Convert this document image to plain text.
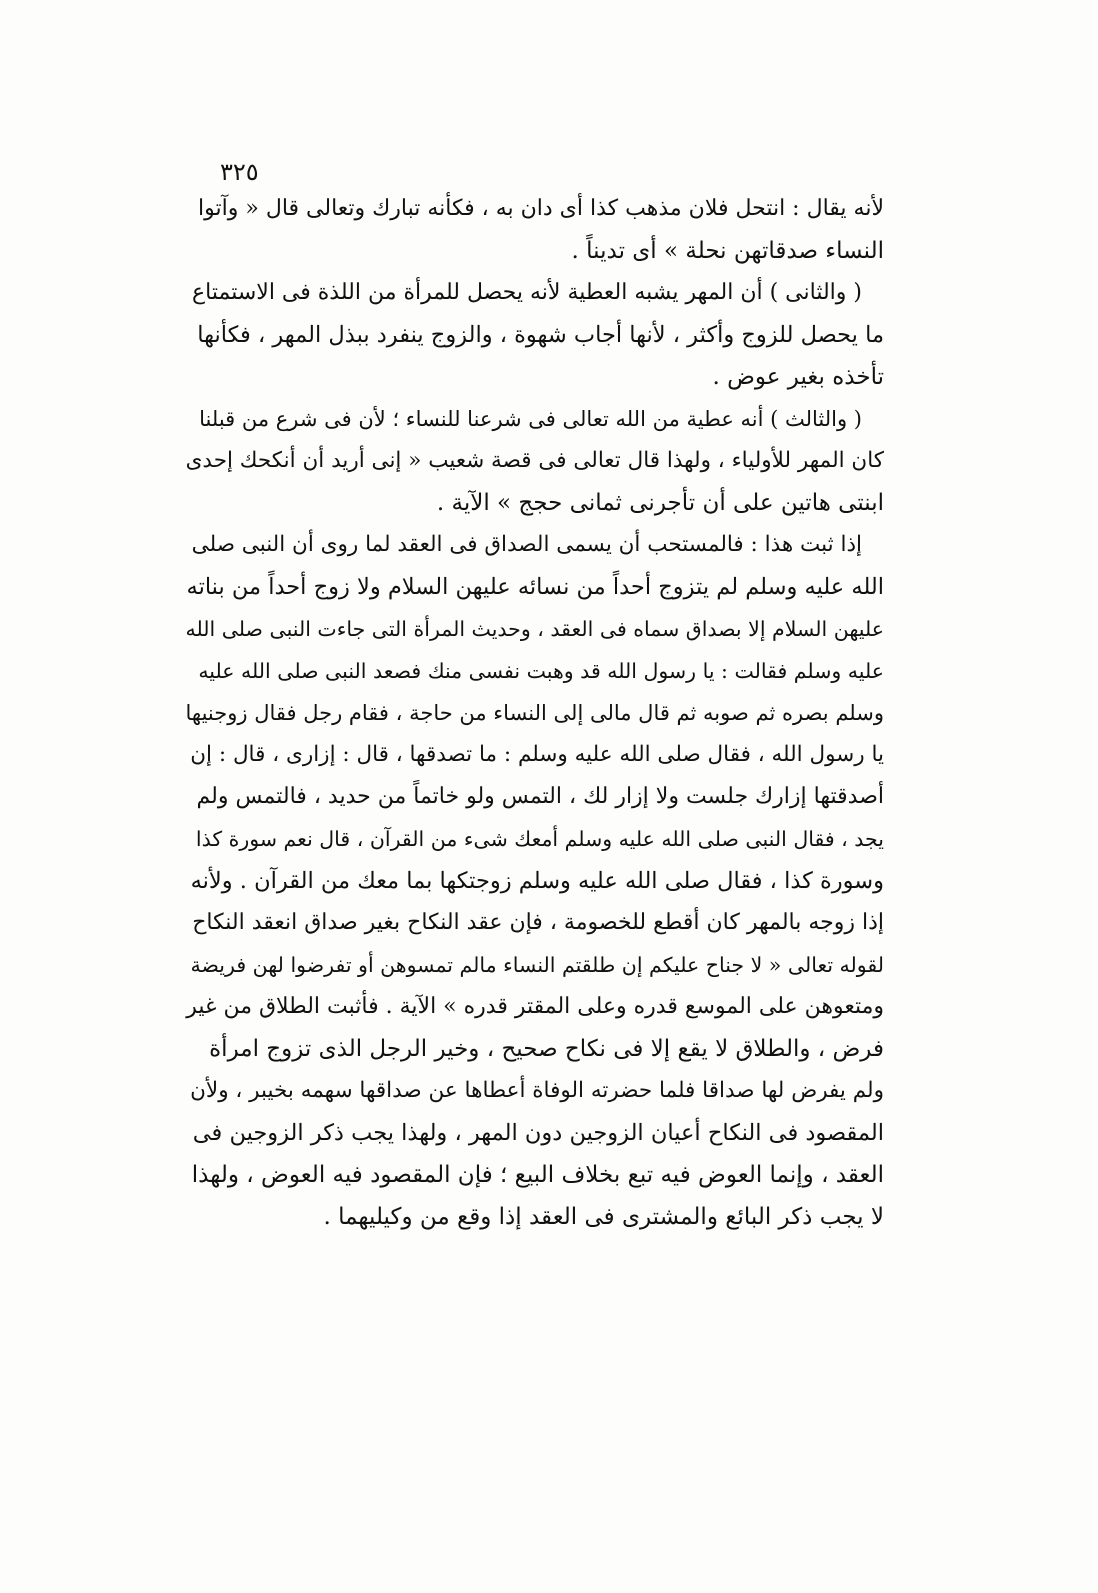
٣٢٥
لأنه يقال : انتحل فلان مذهب كذا أى دان به ، فكأنه تبارك وتعالى قال « وآتوا
النساء صدقاتهن نحلة » أى تديناً .
( والثانى ) أن المهر يشبه العطية لأنه يحصل للمرأة من اللذة فى الاستمتاع
ما يحصل للزوج وأكثر ، لأنها أجاب شهوة ، والزوج ينفرد ببذل المهر ، فكأنها
تأخذه بغير عوض .
( والثالث ) أنه عطية من الله تعالى فى شرعنا للنساء ؛ لأن فى شرع من قبلنا
كان المهر للأولياء ، ولهذا قال تعالى فى قصة شعيب « إنى أريد أن أنكحك إحدى
ابنتى هاتين على أن تأجرنى ثمانى حجج » الآية .
إذا ثبت هذا : فالمستحب أن يسمى الصداق فى العقد لما روى أن النبى صلى
الله عليه وسلم لم يتزوج أحداً من نسائه عليهن السلام ولا زوج أحداً من بناته
عليهن السلام إلا بصداق سماه فى العقد ، وحديث المرأة التى جاءت النبى صلى الله
عليه وسلم فقالت : يا رسول الله قد وهبت نفسى منك فصعد النبى صلى الله عليه
وسلم بصره ثم صوبه ثم قال مالى إلى النساء من حاجة ، فقام رجل فقال زوجنيها
يا رسول الله ، فقال صلى الله عليه وسلم : ما تصدقها ، قال : إزارى ، قال : إن
أصدقتها إزارك جلست ولا إزار لك ، التمس ولو خاتماً من حديد ، فالتمس ولم
يجد ، فقال النبى صلى الله عليه وسلم أمعك شىء من القرآن ، قال نعم سورة كذا
وسورة كذا ، فقال صلى الله عليه وسلم زوجتكها بما معك من القرآن . ولأنه
إذا زوجه بالمهر كان أقطع للخصومة ، فإن عقد النكاح بغير صداق انعقد النكاح
لقوله تعالى « لا جناح عليكم إن طلقتم النساء مالم تمسوهن أو تفرضوا لهن فريضة
ومتعوهن على الموسع قدره وعلى المقتر قدره » الآية . فأثبت الطلاق من غير
فرض ، والطلاق لا يقع إلا فى نكاح صحيح ، وخير الرجل الذى تزوج امرأة
ولم يفرض لها صداقا فلما حضرته الوفاة أعطاها عن صداقها سهمه بخيبر ، ولأن
المقصود فى النكاح أعيان الزوجين دون المهر ، ولهذا يجب ذكر الزوجين فى
العقد ، وإنما العوض فيه تبع بخلاف البيع ؛ فإن المقصود فيه العوض ، ولهذا
لا يجب ذكر البائع والمشترى فى العقد إذا وقع من وكيليهما .
